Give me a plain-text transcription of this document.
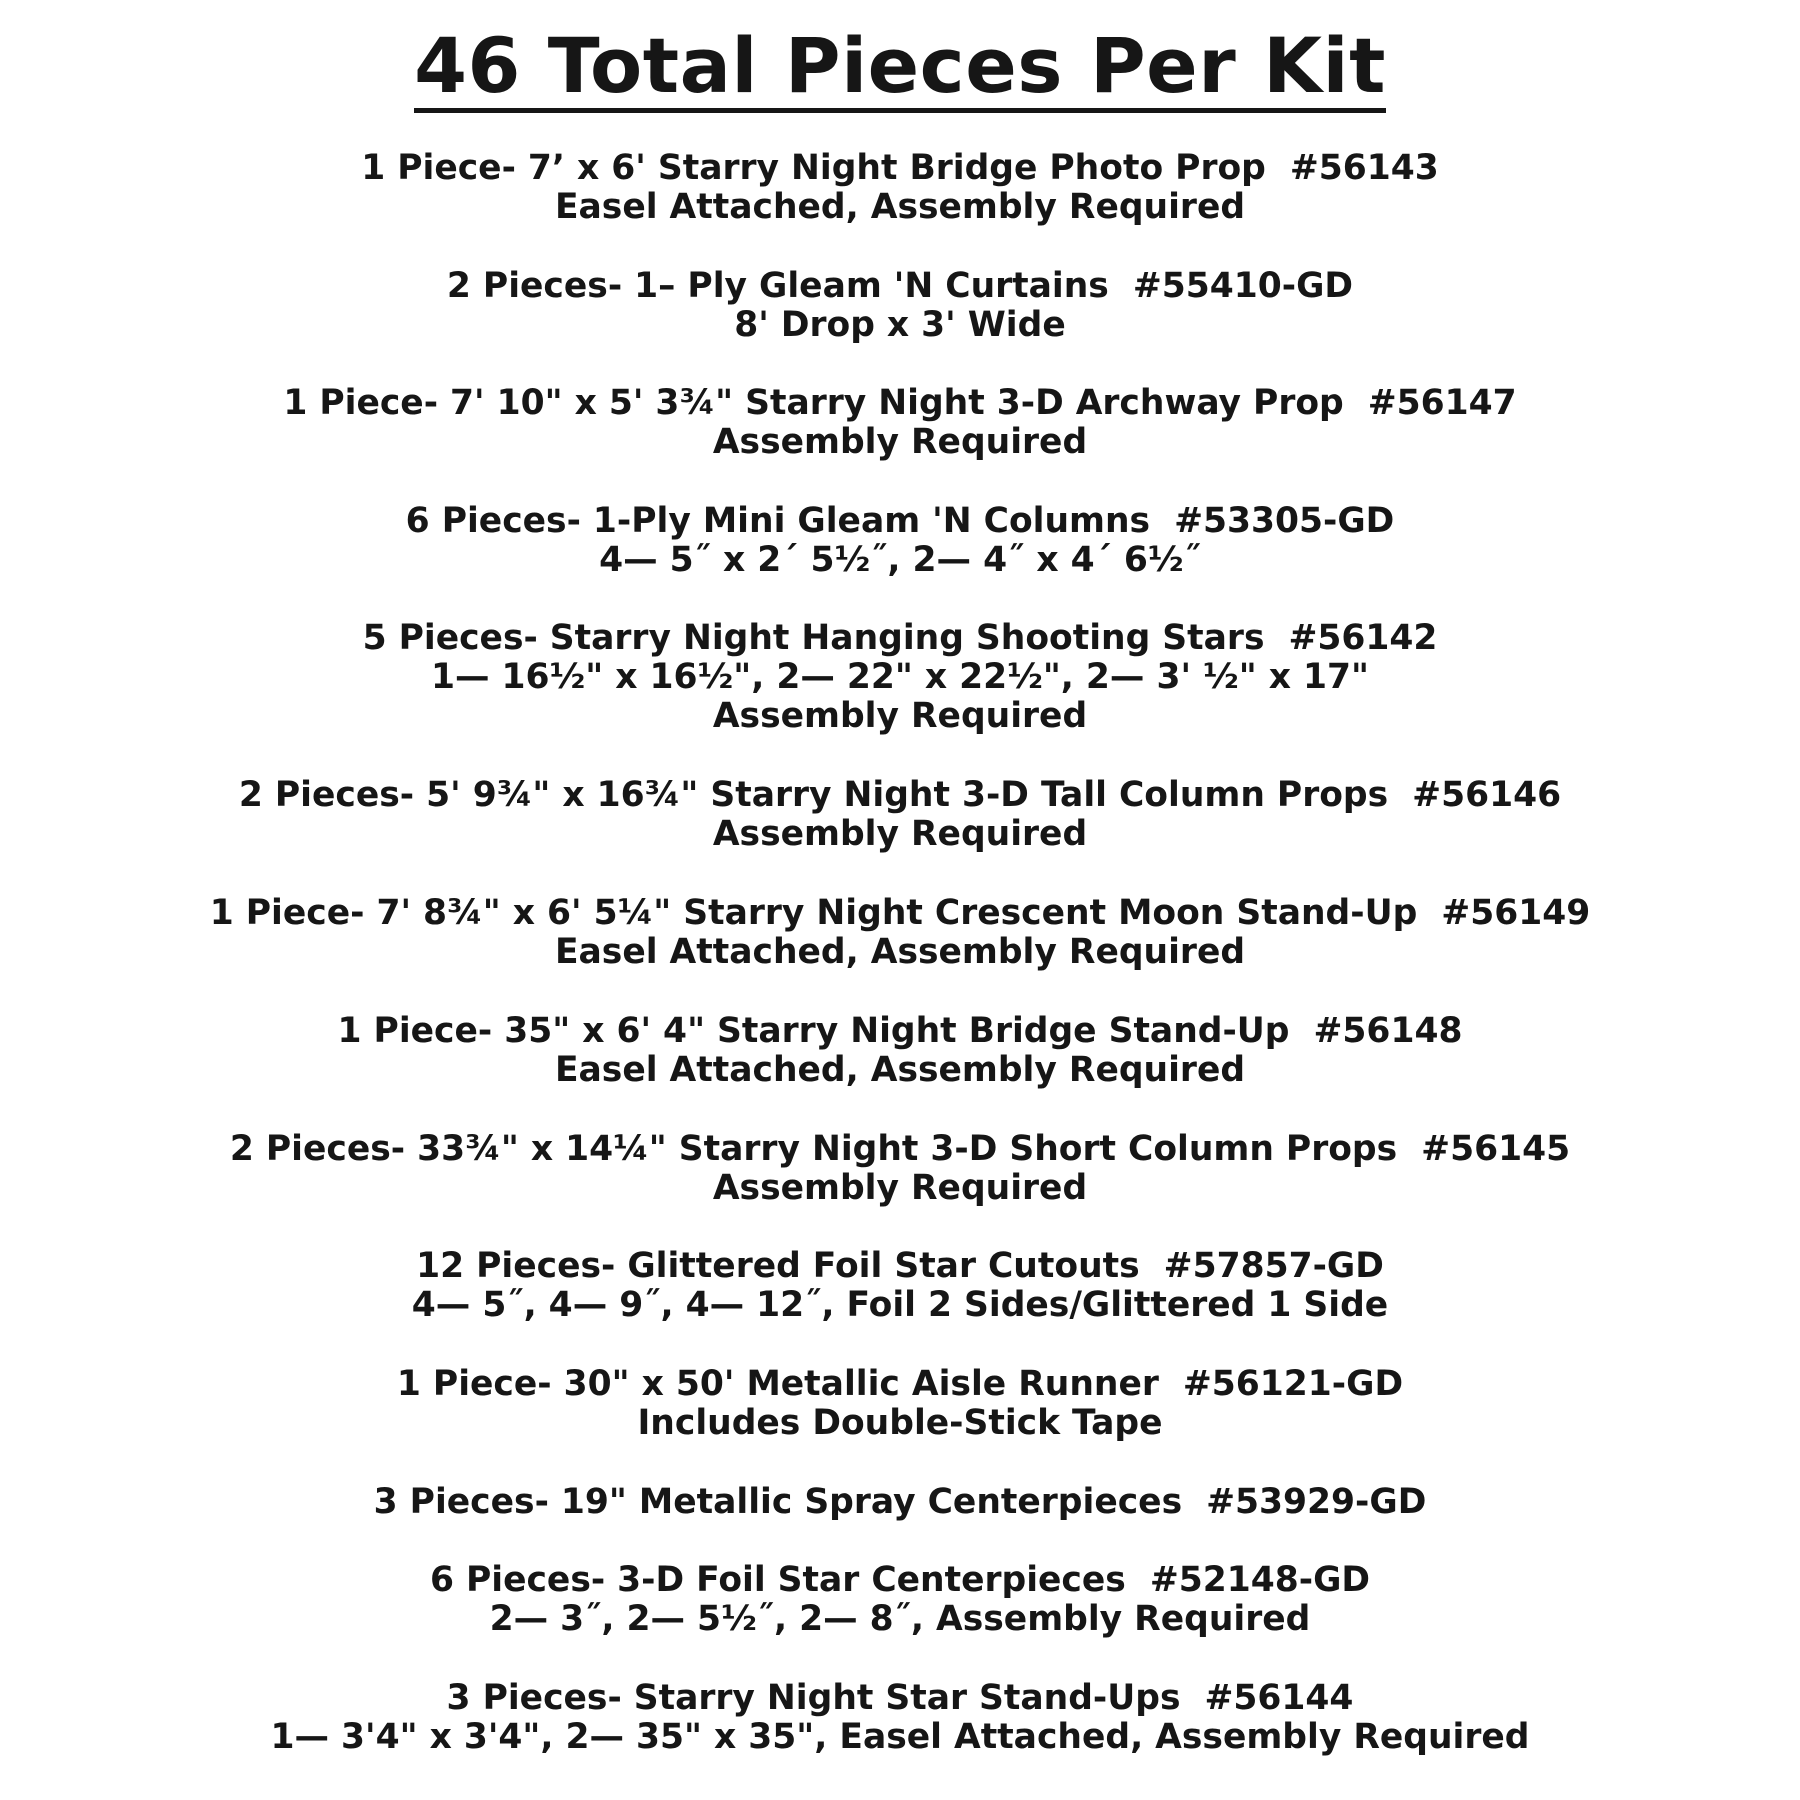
46 Total Pieces Per Kit
1 Piece- 7’ x 6' Starry Night Bridge Photo Prop  #56143
Easel Attached, Assembly Required
2 Pieces- 1– Ply Gleam 'N Curtains  #55410-GD
8' Drop x 3' Wide
1 Piece- 7' 10" x 5' 3¾" Starry Night 3-D Archway Prop  #56147
Assembly Required
6 Pieces- 1-Ply Mini Gleam 'N Columns  #53305-GD
4— 5˝ x 2´ 5½˝, 2— 4˝ x 4´ 6½˝
5 Pieces- Starry Night Hanging Shooting Stars  #56142
1— 16½" x 16½", 2— 22" x 22½", 2— 3' ½" x 17"
Assembly Required
2 Pieces- 5' 9¾" x 16¾" Starry Night 3-D Tall Column Props  #56146
Assembly Required
1 Piece- 7' 8¾" x 6' 5¼" Starry Night Crescent Moon Stand-Up  #56149
Easel Attached, Assembly Required
1 Piece- 35" x 6' 4" Starry Night Bridge Stand-Up  #56148
Easel Attached, Assembly Required
2 Pieces- 33¾" x 14¼" Starry Night 3-D Short Column Props  #56145
Assembly Required
12 Pieces- Glittered Foil Star Cutouts  #57857-GD
4— 5˝, 4— 9˝, 4— 12˝, Foil 2 Sides/Glittered 1 Side
1 Piece- 30" x 50' Metallic Aisle Runner  #56121-GD
Includes Double-Stick Tape
3 Pieces- 19" Metallic Spray Centerpieces  #53929-GD
6 Pieces- 3-D Foil Star Centerpieces  #52148-GD
2— 3˝, 2— 5½˝, 2— 8˝, Assembly Required
3 Pieces- Starry Night Star Stand-Ups  #56144
1— 3'4" x 3'4", 2— 35" x 35", Easel Attached, Assembly Required
